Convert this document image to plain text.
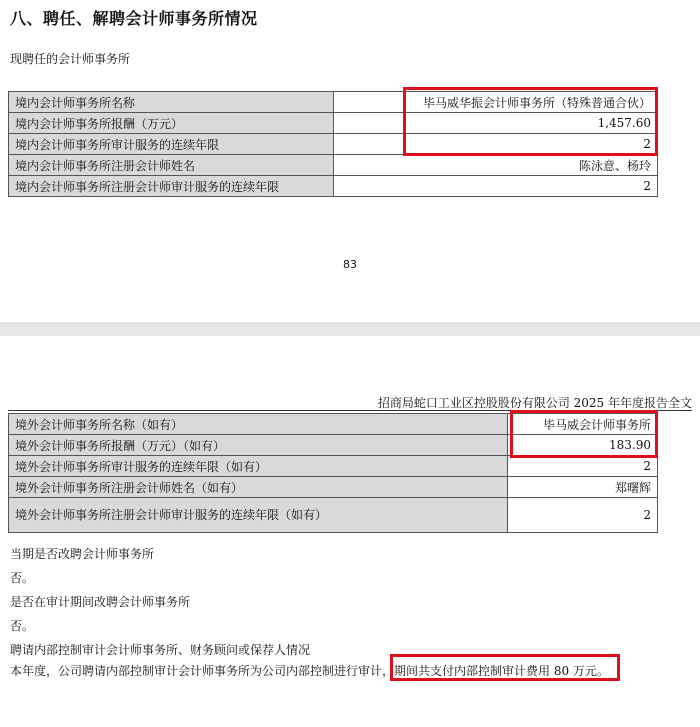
八、聘任、解聘会计师事务所情况
现聘任的会计师事务所
境内会计师事务所名称	毕马威华振会计师事务所（特殊普通合伙）
境内会计师事务所报酬（万元）	1,457.60
境内会计师事务所审计服务的连续年限	2
境内会计师事务所注册会计师姓名	陈泳意、杨玲
境内会计师事务所注册会计师审计服务的连续年限	2
83
招商局蛇口工业区控股股份有限公司 2025 年年度报告全文
境外会计师事务所名称（如有）	毕马威会计师事务所
境外会计师事务所报酬（万元）（如有）	183.90
境外会计师事务所审计服务的连续年限（如有）	2
境外会计师事务所注册会计师姓名（如有）	郑曙辉
境外会计师事务所注册会计师审计服务的连续年限（如有）	2
当期是否改聘会计师事务所
否。
是否在审计期间改聘会计师事务所
否。
聘请内部控制审计会计师事务所、财务顾问或保荐人情况
本年度，公司聘请内部控制审计会计师事务所为公司内部控制进行审计，期间共支付内部控制审计费用 80 万元。
